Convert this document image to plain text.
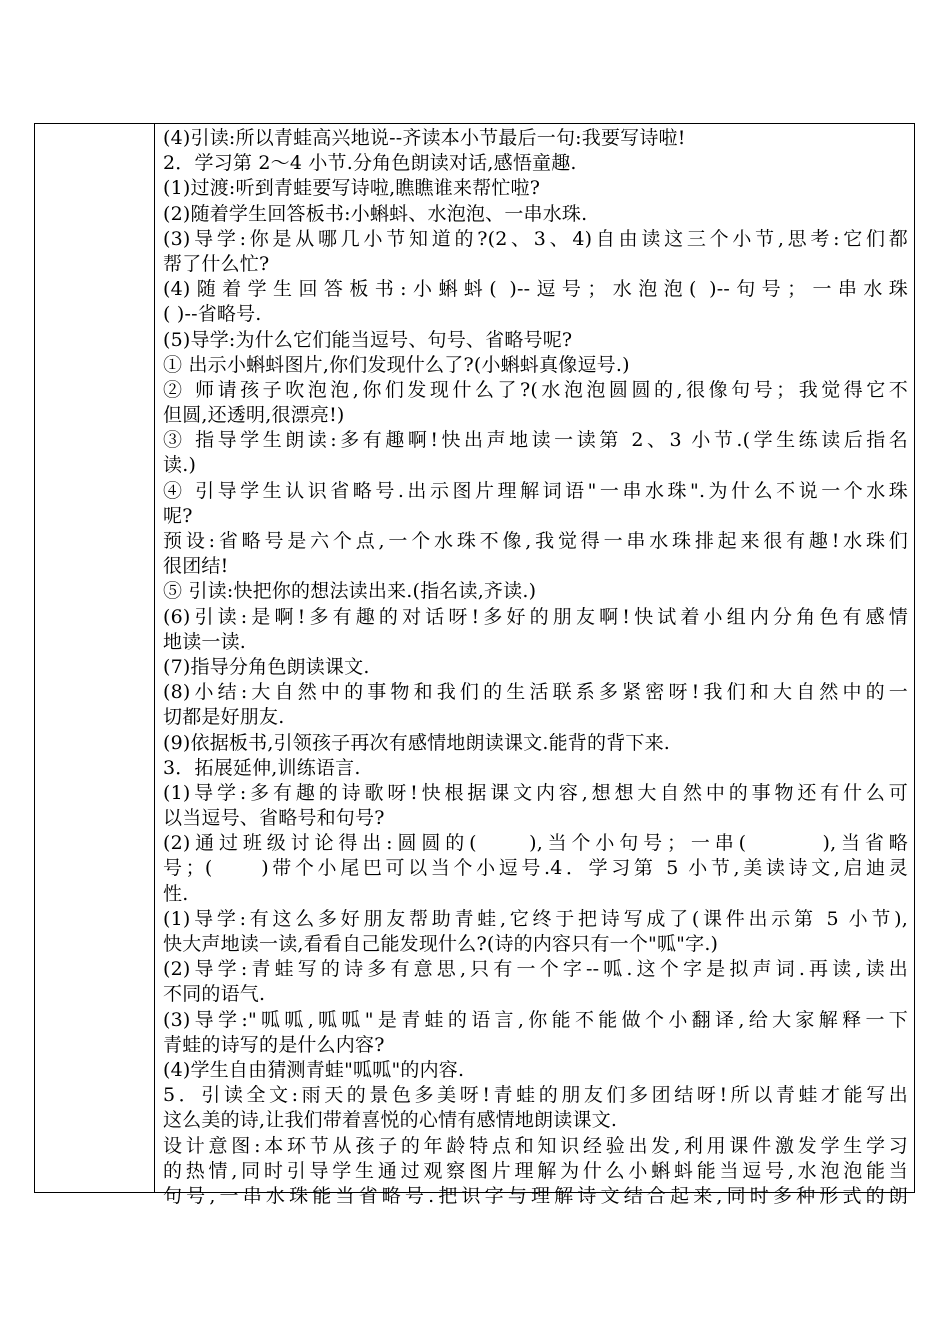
(4)引读:所以青蛙高兴地说--齐读本小节最后一句:我要写诗啦!
2．学习第 2～4 小节.分角色朗读对话,感悟童趣.
(1)过渡:听到青蛙要写诗啦,瞧瞧谁来帮忙啦?
(2)随着学生回答板书:小蝌蚪、水泡泡、一串水珠.
(3)导学:你是从哪几小节知道的?(2、3、4)自由读这三个小节,思考:它们都
帮了什么忙?
(4)随着学生回答板书:小蝌蚪( )--逗号；水泡泡( )--句号；一串水珠
( )--省略号.
(5)导学:为什么它们能当逗号、句号、省略号呢?
① 出示小蝌蚪图片,你们发现什么了?(小蝌蚪真像逗号.)
② 师请孩子吹泡泡,你们发现什么了?(水泡泡圆圆的,很像句号；我觉得它不
但圆,还透明,很漂亮!)
③ 指导学生朗读:多有趣啊!快出声地读一读第 2、3 小节.(学生练读后指名
读.)
④ 引导学生认识省略号.出示图片理解词语"一串水珠".为什么不说一个水珠
呢?
预设:省略号是六个点,一个水珠不像,我觉得一串水珠排起来很有趣!水珠们
很团结!
⑤ 引读:快把你的想法读出来.(指名读,齐读.)
(6)引读:是啊!多有趣的对话呀!多好的朋友啊!快试着小组内分角色有感情
地读一读.
(7)指导分角色朗读课文.
(8)小结:大自然中的事物和我们的生活联系多紧密呀!我们和大自然中的一
切都是好朋友.
(9)依据板书,引领孩子再次有感情地朗读课文.能背的背下来.
3．拓展延伸,训练语言.
(1)导学:多有趣的诗歌呀!快根据课文内容,想想大自然中的事物还有什么可
以当逗号、省略号和句号?
(2)通过班级讨论得出:圆圆的(　　),当个小句号；一串(　　　),当省略
号；(　　)带个小尾巴可以当个小逗号.4．学习第 5 小节,美读诗文,启迪灵
性.
(1)导学:有这么多好朋友帮助青蛙,它终于把诗写成了(课件出示第 5 小节),
快大声地读一读,看看自己能发现什么?(诗的内容只有一个"呱"字.)
(2)导学:青蛙写的诗多有意思,只有一个字--呱.这个字是拟声词.再读,读出
不同的语气.
(3)导学:"呱呱,呱呱"是青蛙的语言,你能不能做个小翻译,给大家解释一下
青蛙的诗写的是什么内容?
(4)学生自由猜测青蛙"呱呱"的内容.
5．引读全文:雨天的景色多美呀!青蛙的朋友们多团结呀!所以青蛙才能写出
这么美的诗,让我们带着喜悦的心情有感情地朗读课文.
设计意图:本环节从孩子的年龄特点和知识经验出发,利用课件激发学生学习
的热情,同时引导学生通过观察图片理解为什么小蝌蚪能当逗号,水泡泡能当
句号,一串水珠能当省略号.把识字与理解诗文结合起来,同时多种形式的朗
